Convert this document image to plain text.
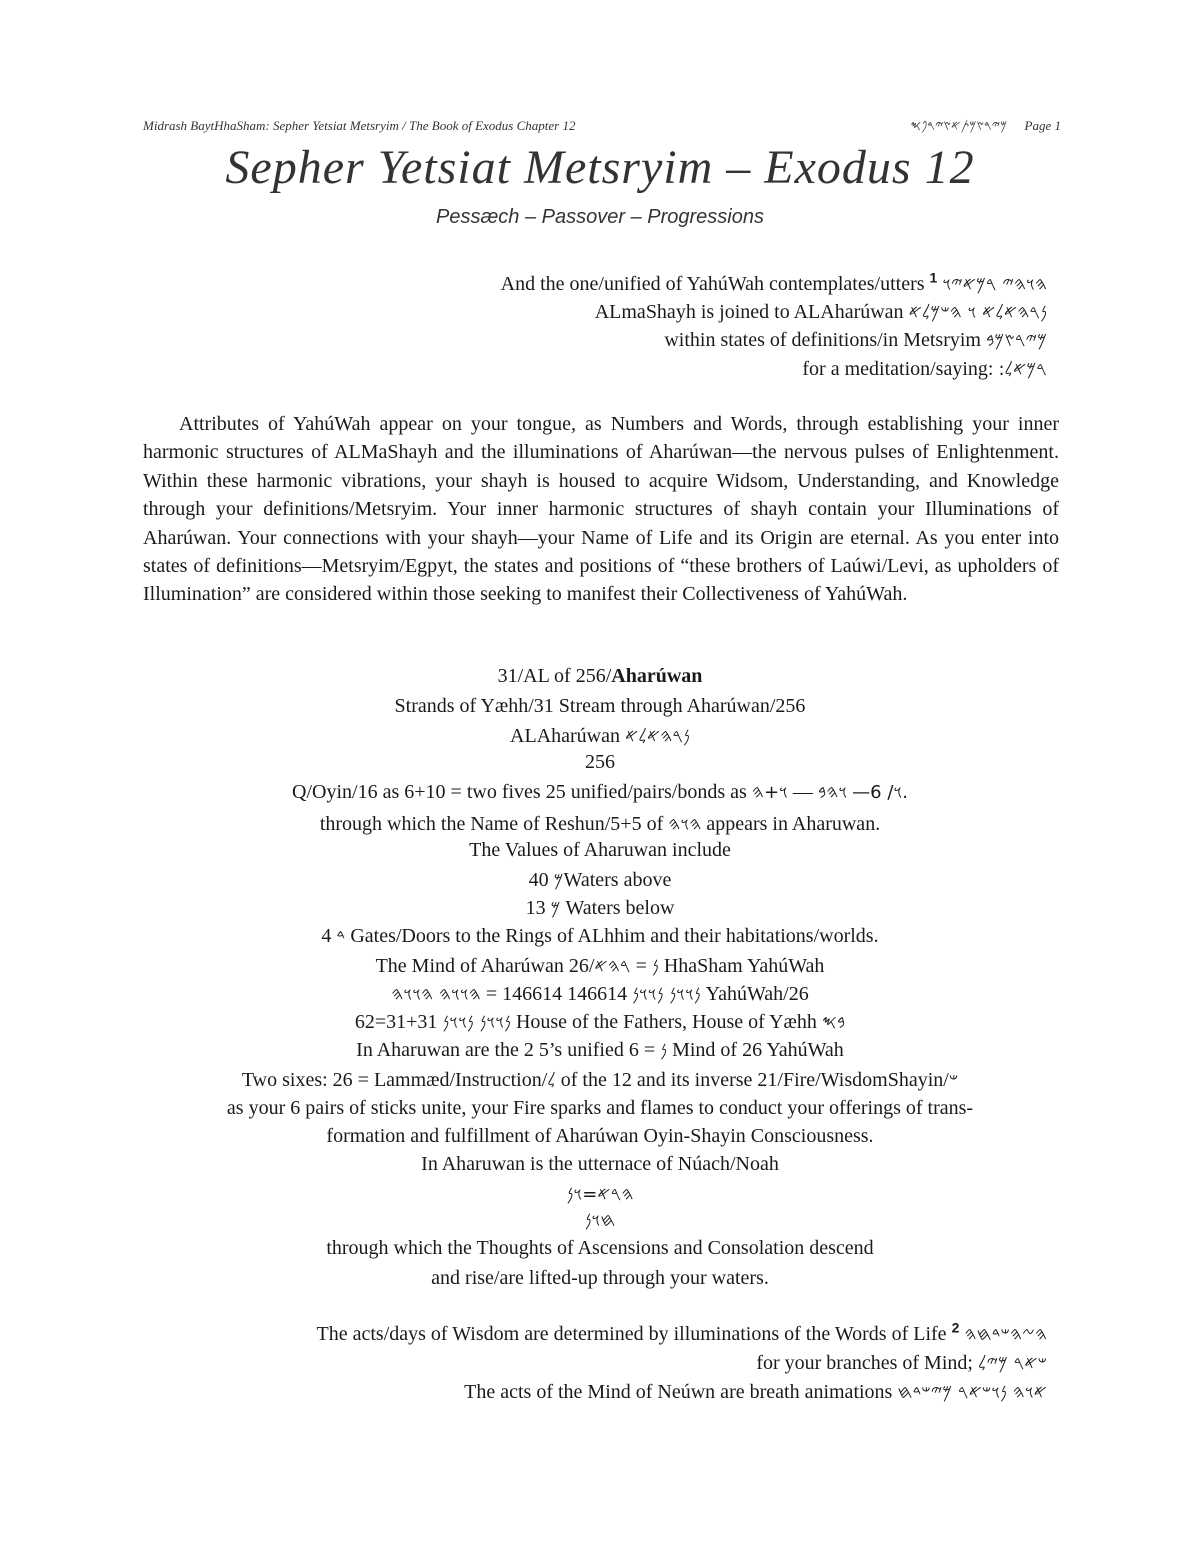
Midrash BaytHhaSham: Sepher Yetsiat Metsryim / The Book of Exodus Chapter 12	𐤌𐤉𐤓𐤑𐤌𐤕𐤀𐤑𐤉𐤓𐤐𐤎 Page 1
Sepher Yetsiat Metsryim – Exodus 12
Pessæch – Passover – Progressions
And the one/unified of YahúWah contemplates/utters 𐤄𐤅𐤄𐤉 𐤓𐤌𐤀𐤉𐤅 $^1$
ALmaShayh is joined to ALAharúwan 𐤍𐤓𐤄𐤀𐤋𐤀 𐤅 𐤄𐤔𐤌𐤋𐤀
within states of definitions/in Metsryim 𐤌𐤉𐤓𐤑𐤌𐤁
for a meditation/saying: :𐤓𐤌𐤀𐤋
Attributes of YahúWah appear on your tongue, as Numbers and Words, through establishing your inner harmonic structures of ALMaShayh and the illuminations of Aharúwan—the nervous pulses of Enlightenment. Within these harmonic vibrations, your shayh is housed to acquire Widsom, Understanding, and Knowledge through your definitions/Metsryim. Your inner harmonic structures of shayh contain your Illuminations of Aharúwan. Your connections with your shayh—your Name of Life and its Origin are eternal. As you enter into states of definitions—Metsryim/Egpyt, the states and positions of “these brothers of Laúwi/Levi, as upholders of Illumination” are considered within those seeking to manifest their Collectiveness of YahúWah.
31/AL of 256/Aharúwan
Strands of Yæhh/31 Stream through Aharúwan/256
ALAharúwan 𐤍𐤓𐤄𐤀𐤋𐤀
256
Q/Oyin/16 as 6+10 = two fives 25 unified/pairs/bonds as	𐤅/ 6— 𐤅𐤄𐤁 — 𐤅+𐤄.
through which the Name of Reshun/5+5 of 𐤄𐤅𐤄 appears in Aharuwan.
The Values of Aharuwan include
40 𐤌Waters above
13 𐤌 Waters below
4 𐤃 Gates/Doors to the Rings of ALhhim and their habitations/worlds.
The Mind of Aharúwan	𐤍 = 𐤓𐤄𐤀/26 HhaSham YahúWah
𐤍𐤅𐤅𐤍 𐤍𐤅𐤅𐤍 146614 146614 = 𐤄𐤅𐤅𐤄 𐤄𐤅𐤅𐤄	YahúWah/26
𐤍𐤅𐤅𐤍 𐤍𐤅𐤅𐤍 31+31=62 House of the Fathers, House of Yæhh 𐤁𐤎
In Aharuwan are the 2 5’s unified 6 = 𐤍 Mind of 26 YahúWah
Two sixes: 26 = Lammæd/Instruction/𐤋 of the 12 and its inverse 21/Fire/WisdomShayin/𐤔
as your 6 pairs of sticks unite, your Fire sparks and flames to conduct your offerings of trans-
formation and fulfillment of Aharúwan Oyin-Shayin Consciousness.
In Aharuwan is the utternace of Núach/Noah
𐤄𐤓𐤀=𐤅𐤍
𐤇𐤅𐤍
through which the Thoughts of Ascensions and Consolation descend
and rise/are lifted-up through your waters.
The acts/days of Wisdom are determined by illuminations of the Words of Life 𐤄𐤆𐤄𐤔𐤃𐤇𐤄 $^2$
for your branches of Mind; 𐤔𐤀𐤓 𐤌𐤉𐤋
The acts of the Mind of Neúwn are breath animations 𐤀𐤅𐤄 𐤍𐤅𐤔𐤀𐤓 𐤌𐤉𐤔𐤃𐤇
